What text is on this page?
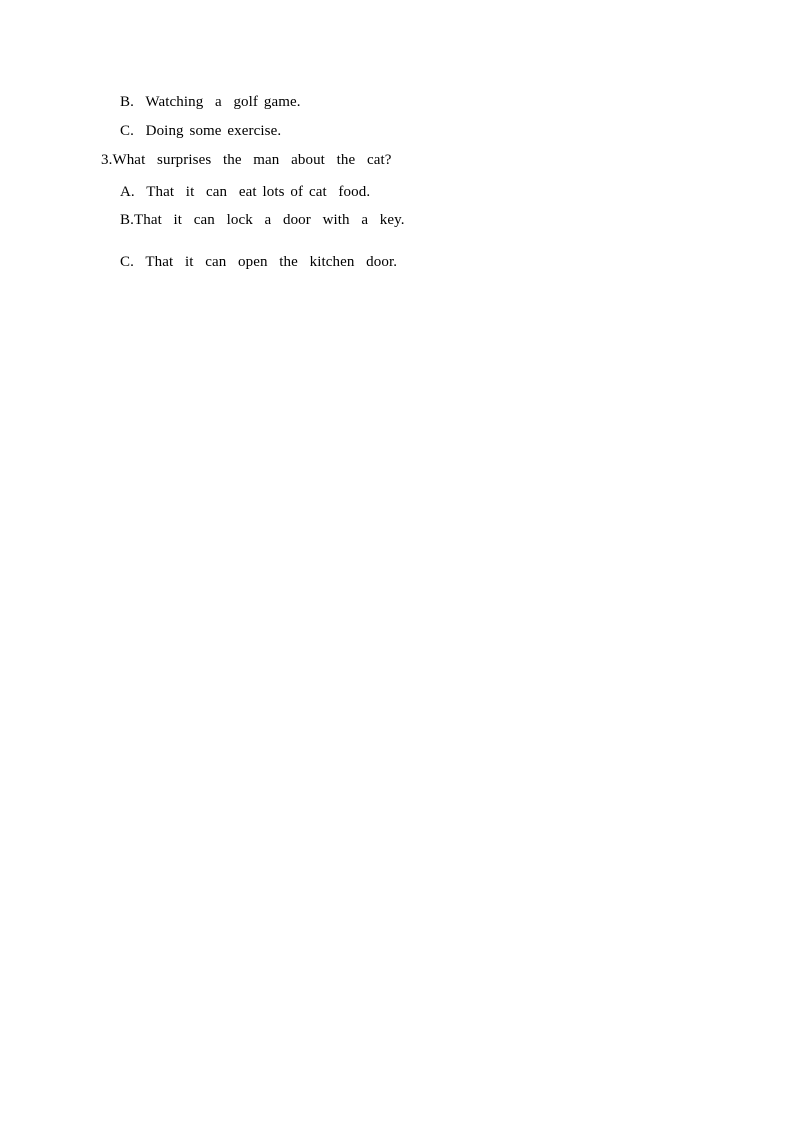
B.  Watching  a  golf game.
C.  Doing some exercise.
3.What  surprises  the  man  about  the  cat?
A.  That  it  can  eat lots of cat  food.
B.That  it  can  lock  a  door  with  a  key.
C.  That  it  can  open  the  kitchen  door.
